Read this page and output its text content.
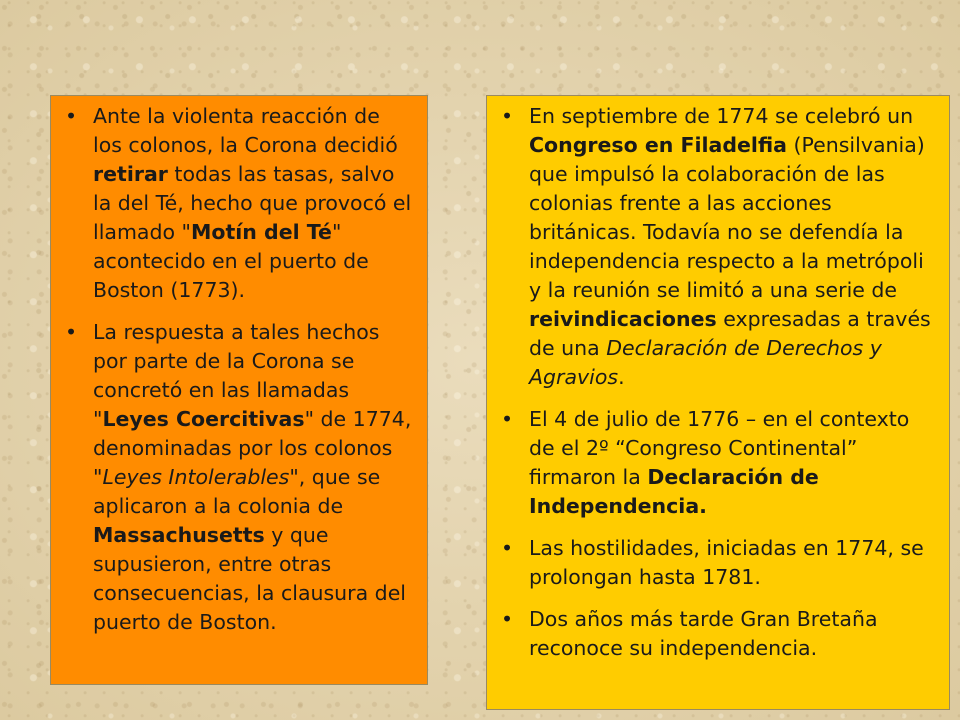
• Ante la violenta reacción de los colonos, la Corona decidió retirar todas las tasas, salvo la del Té, hecho que provocó el llamado "Motín del Té" acontecido en el puerto de Boston (1773).
• La respuesta a tales hechos por parte de la Corona se concretó en las llamadas "Leyes Coercitivas" de 1774, denominadas por los colonos "Leyes Intolerables", que se aplicaron a la colonia de Massachusetts y que supusieron, entre otras consecuencias, la clausura del puerto de Boston.
• En septiembre de 1774 se celebró un Congreso en Filadelfia (Pensilvania) que impulsó la colaboración de las colonias frente a las acciones británicas. Todavía no se defendía la independencia respecto a la metrópoli y la reunión se limitó a una serie de reivindicaciones expresadas a través de una Declaración de Derechos y Agravios.
• El 4 de julio de 1776 – en el contexto de el 2º “Congreso Continental” firmaron la Declaración de Independencia.
• Las hostilidades, iniciadas en 1774, se prolongan hasta 1781.
• Dos años más tarde Gran Bretaña reconoce su independencia.
